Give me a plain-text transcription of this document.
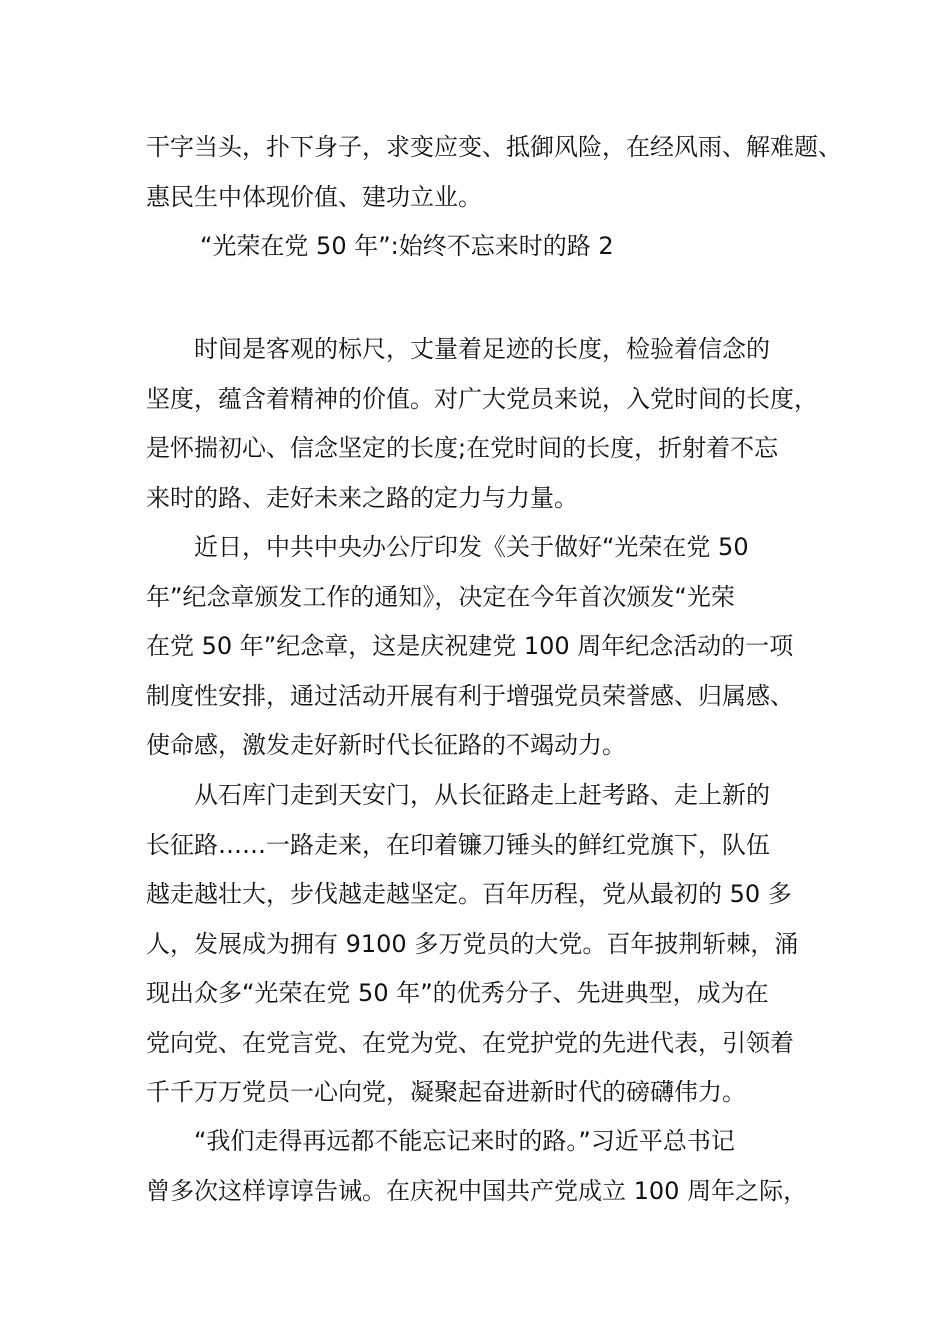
干字当头，扑下身子，求变应变、抵御风险，在经风雨、解难题、
惠民生中体现价值、建功立业。

“光荣在党 50 年”:始终不忘来时的路 2

时间是客观的标尺，丈量着足迹的长度，检验着信念的
坚度，蕴含着精神的价值。对广大党员来说，入党时间的长度，
是怀揣初心、信念坚定的长度;在党时间的长度，折射着不忘
来时的路、走好未来之路的定力与力量。

近日，中共中央办公厅印发《关于做好“光荣在党 50
年”纪念章颁发工作的通知》，决定在今年首次颁发“光荣
在党 50 年”纪念章，这是庆祝建党 100 周年纪念活动的一项
制度性安排，通过活动开展有利于增强党员荣誉感、归属感、
使命感，激发走好新时代长征路的不竭动力。

从石库门走到天安门，从长征路走上赶考路、走上新的
长征路……一路走来，在印着镰刀锤头的鲜红党旗下，队伍
越走越壮大，步伐越走越坚定。百年历程，党从最初的 50 多
人，发展成为拥有 9100 多万党员的大党。百年披荆斩棘，涌
现出众多“光荣在党 50 年”的优秀分子、先进典型，成为在
党向党、在党言党、在党为党、在党护党的先进代表，引领着
千千万万党员一心向党，凝聚起奋进新时代的磅礴伟力。

“我们走得再远都不能忘记来时的路。”习近平总书记
曾多次这样谆谆告诫。在庆祝中国共产党成立 100 周年之际，
